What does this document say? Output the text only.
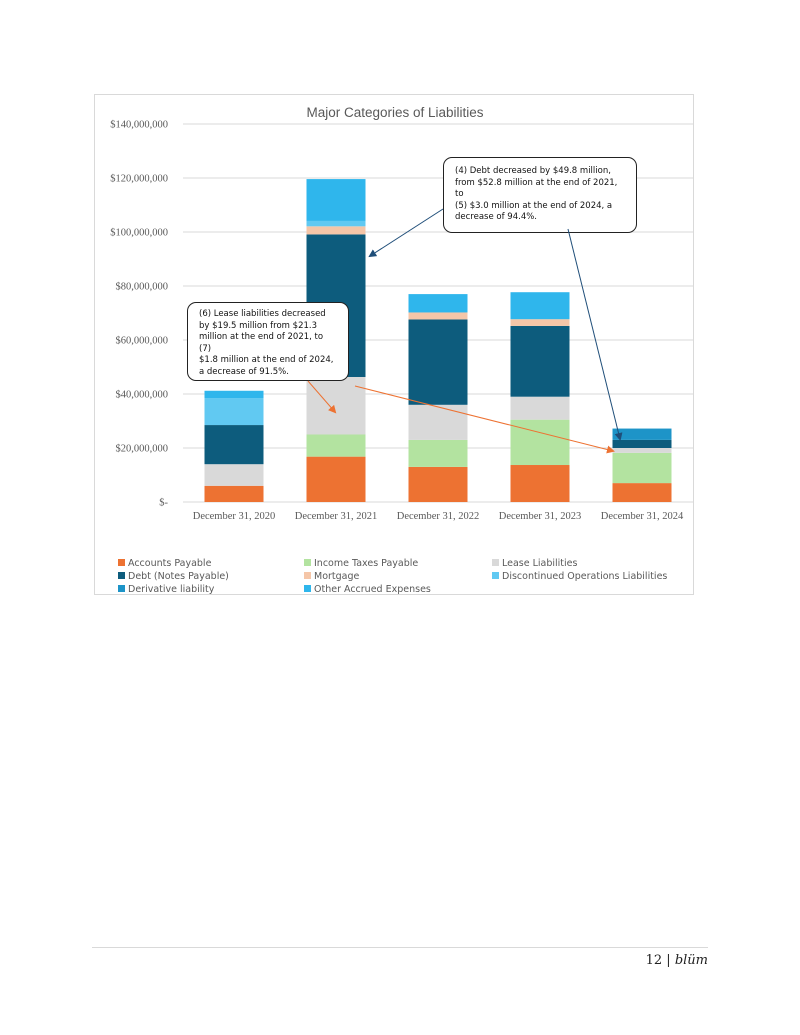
Major Categories of Liabilities
$-
$20,000,000
$40,000,000
$60,000,000
$80,000,000
$100,000,000
$120,000,000
$140,000,000
December 31, 2020 December 31, 2021 December 31, 2022 December 31, 2023 December 31, 2024
Accounts Payable	Income Taxes Payable	Lease Liabilities
Debt (Notes Payable)	Mortgage	Discontinued Operations Liabilities
Derivative liability	Other Accrued Expenses
(4) Debt decreased by $49.8 million,
from $52.8 million at the end of 2021, to
(5) $3.0 million at the end of 2024, a
decrease of 94.4%.
(6) Lease liabilities decreased
by $19.5 million from $21.3
million at the end of 2021, to (7)
$1.8 million at the end of 2024,
a decrease of 91.5%.
12 | blüm
